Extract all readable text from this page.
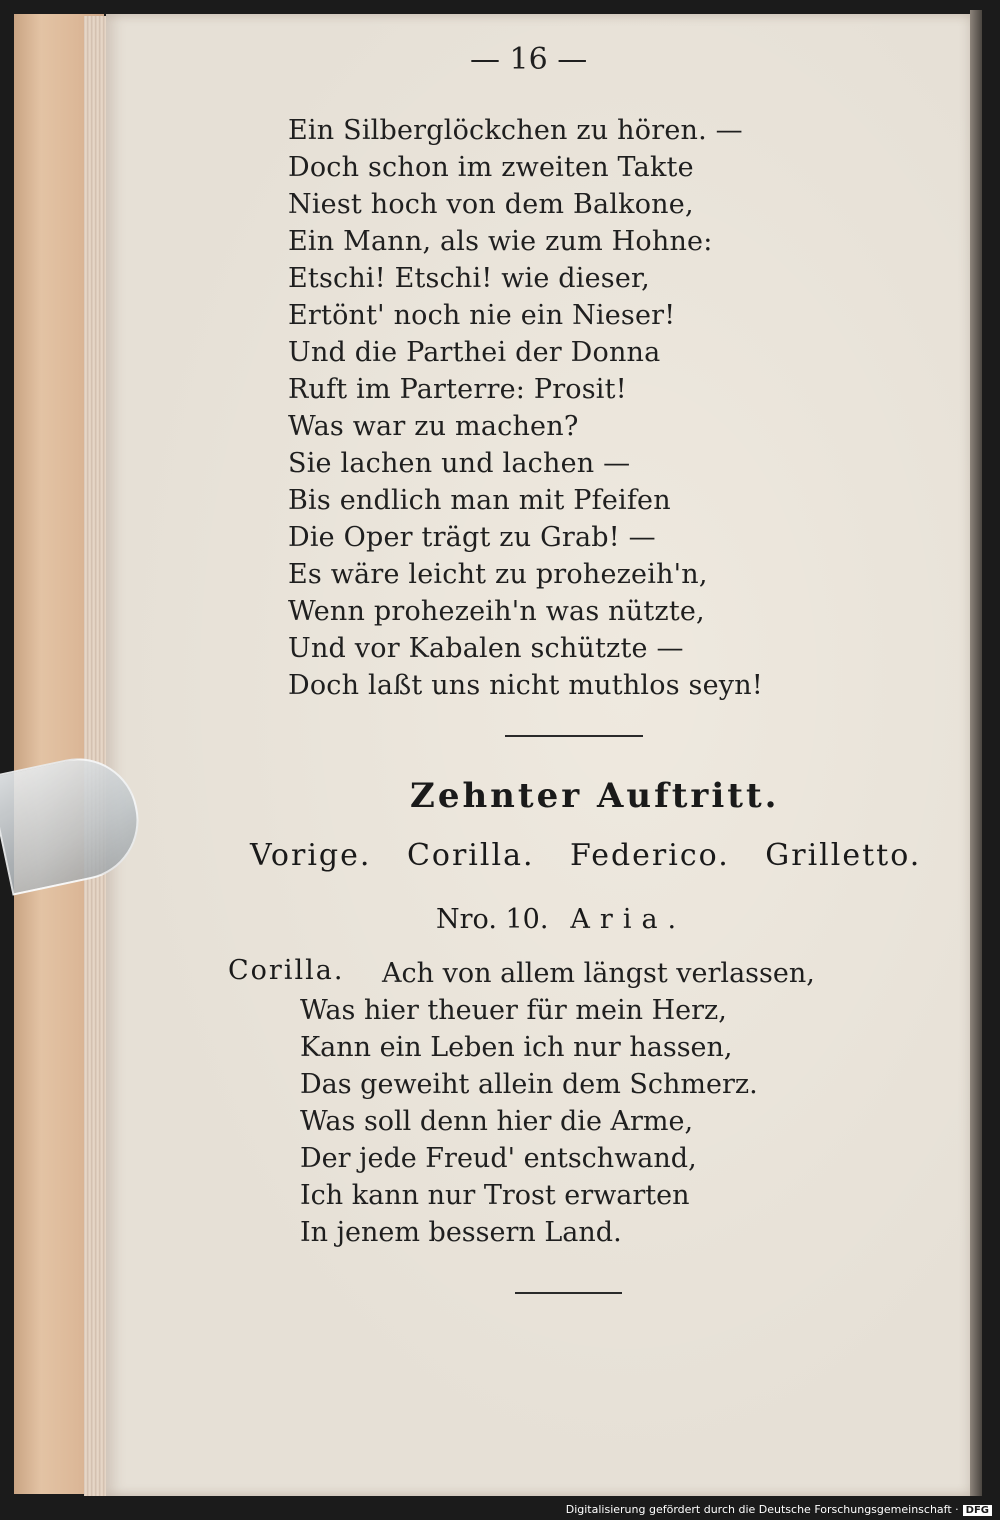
— 16 —
Ein Silberglöckchen zu hören. —
Doch schon im zweiten Takte
Niest hoch von dem Balkone,
Ein Mann, als wie zum Hohne:
Etschi! Etschi! wie dieser,
Ertönt' noch nie ein Nieser!
Und die Parthei der Donna
Ruft im Parterre: Prosit!
Was war zu machen?
Sie lachen und lachen —
Bis endlich man mit Pfeifen
Die Oper trägt zu Grab! —
Es wäre leicht zu prohezeih'n,
Wenn prohezeih'n was nützte,
Und vor Kabalen schützte —
Doch laßt uns nicht muthlos seyn!
Zehnter Auftritt.
Vorige. Corilla. Federico. Grilletto.
Nro. 10. Aria.
Corilla. Ach von allem längst verlassen,
Was hier theuer für mein Herz,
Kann ein Leben ich nur hassen,
Das geweiht allein dem Schmerz.
Was soll denn hier die Arme,
Der jede Freud' entschwand,
Ich kann nur Trost erwarten
In jenem bessern Land.
Digitalisierung gefördert durch die Deutsche Forschungsgemeinschaft · DFG
